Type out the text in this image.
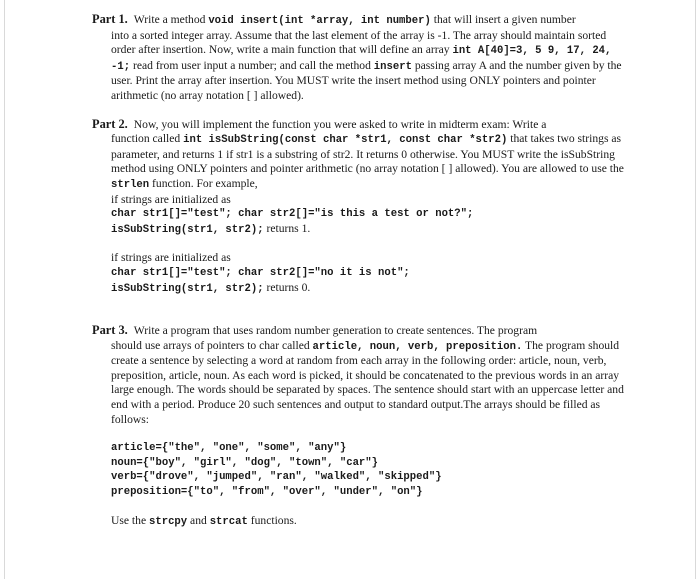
Part 1. Write a method void insert(int *array, int number) that will insert a given number

into a sorted integer array. Assume that the last element of the array is -1. The array should maintain sorted order after insertion. Now, write a main function that will define an array int A[40]=3, 5 9, 17, 24, -1; read from user input a number; and call the method insert passing array A and the number given by the user. Print the array after insertion. You MUST write the insert method using ONLY pointers and pointer arithmetic (no array notation [ ] allowed).

Part 2. Now, you will implement the function you were asked to write in midterm exam: Write a

function called int isSubString(const char *str1, const char *str2) that takes two strings as parameter, and returns 1 if str1 is a substring of str2. It returns 0 otherwise. You MUST write the isSubString method using ONLY pointers and pointer arithmetic (no array notation [ ] allowed). You are allowed to use the strlen function. For example,

if strings are initialized as

char str1[]="test"; char str2[]="is this a test or not?";

isSubString(str1, str2); returns 1.

if strings are initialized as

char str1[]="test"; char str2[]="no it is not";

isSubString(str1, str2); returns 0.

Part 3. Write a program that uses random number generation to create sentences. The program

should use arrays of pointers to char called article, noun, verb, preposition. The program should create a sentence by selecting a word at random from each array in the following order: article, noun, verb, preposition, article, noun. As each word is picked, it should be concatenated to the previous words in an array large enough. The words should be separated by spaces. The sentence should start with an uppercase letter and end with a period. Produce 20 such sentences and output to standard output.The arrays should be filled as follows:

article={"the", "one", "some", "any"}

noun={"boy", "girl", "dog", "town", "car"}

verb={"drove", "jumped", "ran", "walked", "skipped"}

preposition={"to", "from", "over", "under", "on"}

Use the strcpy and strcat functions.
